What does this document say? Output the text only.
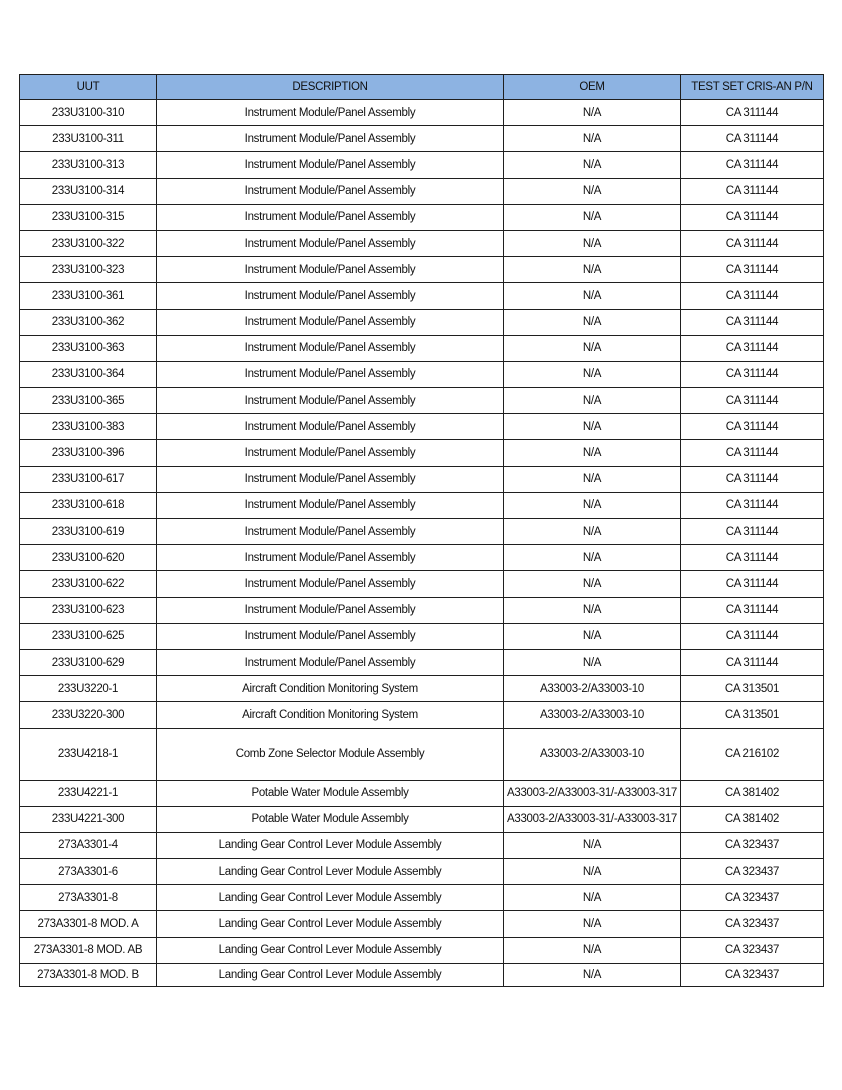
UUT	DESCRIPTION	OEM	TEST SET CRIS-AN P/N
233U3100-310	Instrument Module/Panel Assembly	N/A	CA 311144
233U3100-311	Instrument Module/Panel Assembly	N/A	CA 311144
233U3100-313	Instrument Module/Panel Assembly	N/A	CA 311144
233U3100-314	Instrument Module/Panel Assembly	N/A	CA 311144
233U3100-315	Instrument Module/Panel Assembly	N/A	CA 311144
233U3100-322	Instrument Module/Panel Assembly	N/A	CA 311144
233U3100-323	Instrument Module/Panel Assembly	N/A	CA 311144
233U3100-361	Instrument Module/Panel Assembly	N/A	CA 311144
233U3100-362	Instrument Module/Panel Assembly	N/A	CA 311144
233U3100-363	Instrument Module/Panel Assembly	N/A	CA 311144
233U3100-364	Instrument Module/Panel Assembly	N/A	CA 311144
233U3100-365	Instrument Module/Panel Assembly	N/A	CA 311144
233U3100-383	Instrument Module/Panel Assembly	N/A	CA 311144
233U3100-396	Instrument Module/Panel Assembly	N/A	CA 311144
233U3100-617	Instrument Module/Panel Assembly	N/A	CA 311144
233U3100-618	Instrument Module/Panel Assembly	N/A	CA 311144
233U3100-619	Instrument Module/Panel Assembly	N/A	CA 311144
233U3100-620	Instrument Module/Panel Assembly	N/A	CA 311144
233U3100-622	Instrument Module/Panel Assembly	N/A	CA 311144
233U3100-623	Instrument Module/Panel Assembly	N/A	CA 311144
233U3100-625	Instrument Module/Panel Assembly	N/A	CA 311144
233U3100-629	Instrument Module/Panel Assembly	N/A	CA 311144
233U3220-1	Aircraft Condition Monitoring System	A33003-2/A33003-10	CA 313501
233U3220-300	Aircraft Condition Monitoring System	A33003-2/A33003-10	CA 313501
233U4218-1	Comb Zone Selector Module Assembly	A33003-2/A33003-10	CA 216102
233U4221-1	Potable Water Module Assembly	A33003-2/A33003-31/-A33003-317	CA 381402
233U4221-300	Potable Water Module Assembly	A33003-2/A33003-31/-A33003-317	CA 381402
273A3301-4	Landing Gear Control Lever Module Assembly	N/A	CA 323437
273A3301-6	Landing Gear Control Lever Module Assembly	N/A	CA 323437
273A3301-8	Landing Gear Control Lever Module Assembly	N/A	CA 323437
273A3301-8 MOD. A	Landing Gear Control Lever Module Assembly	N/A	CA 323437
273A3301-8 MOD. AB	Landing Gear Control Lever Module Assembly	N/A	CA 323437
273A3301-8 MOD. B	Landing Gear Control Lever Module Assembly	N/A	CA 323437
